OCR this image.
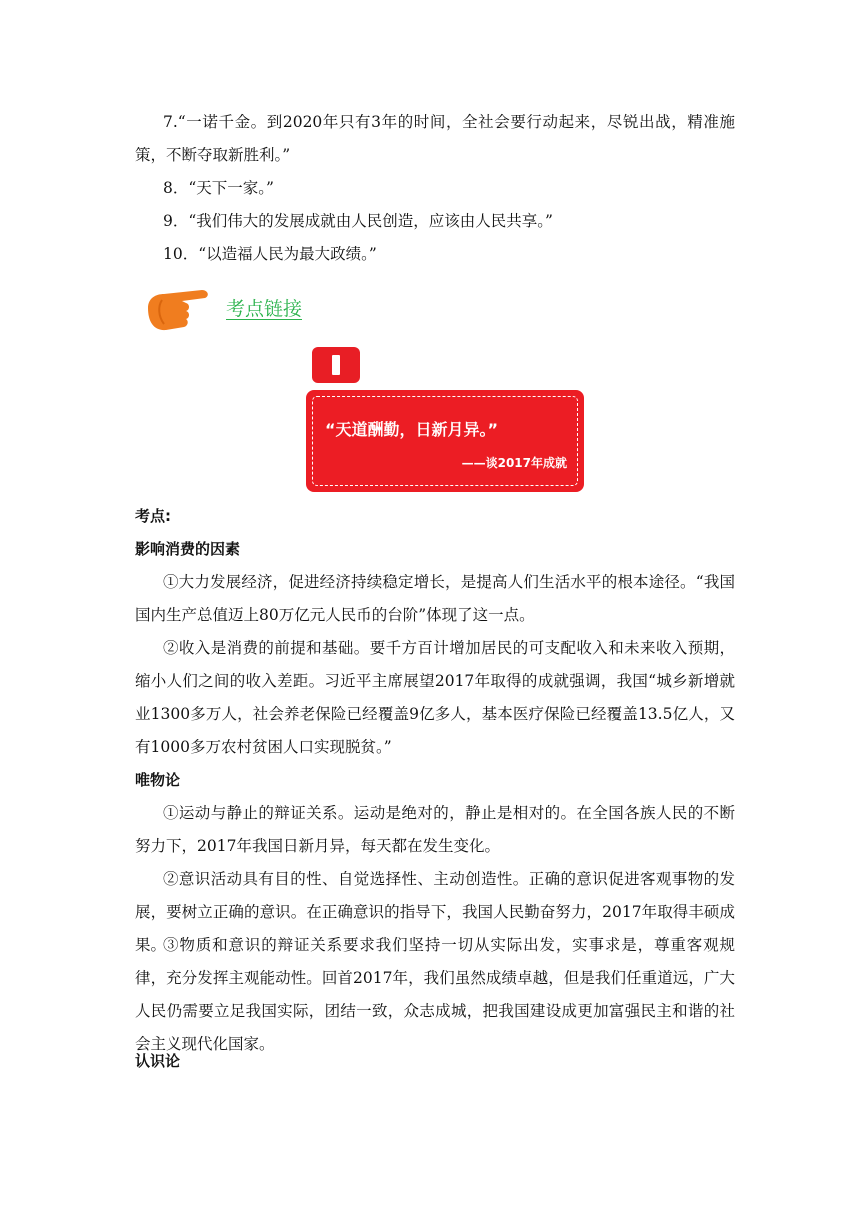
7.“一诺千金。到2020年只有3年的时间，全社会要行动起来，尽锐出战，精准施策，不断夺取新胜利。”

8．“天下一家。”

9．“我们伟大的发展成就由人民创造，应该由人民共享。”

10．“以造福人民为最大政绩。”

考点链接
“天道酬勤，日新月异。”
——谈2017年成就

考点:

影响消费的因素

①大力发展经济，促进经济持续稳定增长，是提高人们生活水平的根本途径。“我国国内生产总值迈上80万亿元人民币的台阶”体现了这一点。

②收入是消费的前提和基础。要千方百计增加居民的可支配收入和未来收入预期，缩小人们之间的收入差距。习近平主席展望2017年取得的成就强调，我国“城乡新增就业1300多万人，社会养老保险已经覆盖9亿多人，基本医疗保险已经覆盖13.5亿人，又有1000多万农村贫困人口实现脱贫。”

唯物论

①运动与静止的辩证关系。运动是绝对的，静止是相对的。在全国各族人民的不断努力下，2017年我国日新月异，每天都在发生变化。

②意识活动具有目的性、自觉选择性、主动创造性。正确的意识促进客观事物的发展，要树立正确的意识。在正确意识的指导下，我国人民勤奋努力，2017年取得丰硕成果。

③物质和意识的辩证关系要求我们坚持一切从实际出发，实事求是，尊重客观规律，充分发挥主观能动性。回首2017年，我们虽然成绩卓越，但是我们任重道远，广大人民仍需要立足我国实际，团结一致，众志成城，把我国建设成更加富强民主和谐的社会主义现代化国家。

认识论
